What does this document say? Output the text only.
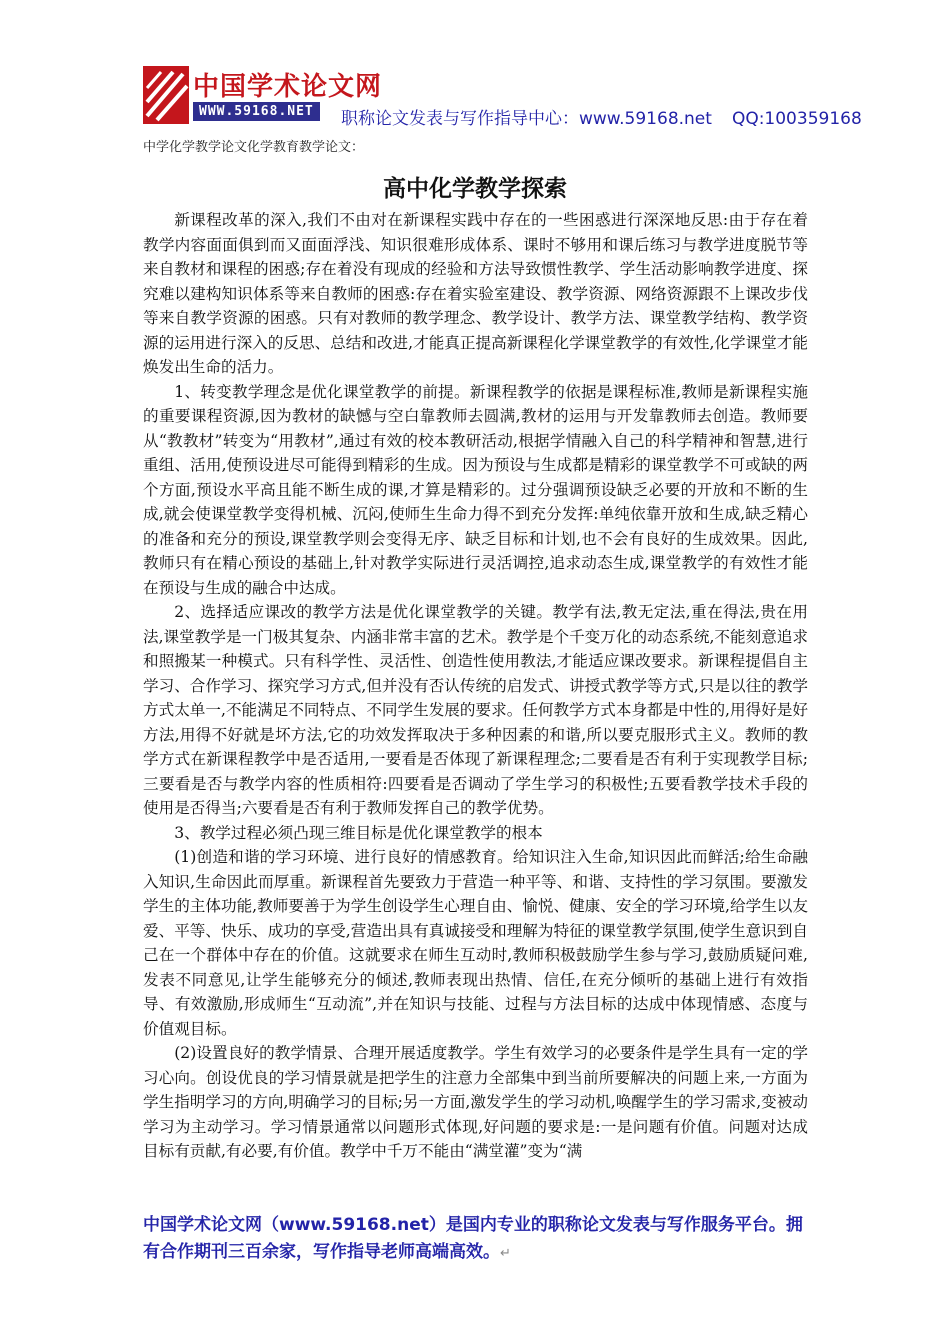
中国学术论文网
WWW.59168.NET	职称论文发表与写作指导中心：www.59168.net QQ:100359168
中学化学教学论文化学教育教学论文：
高中化学教学探索

新课程改革的深入,我们不由对在新课程实践中存在的一些困惑进行深深地反思:由于存在着教学内容面面俱到而又面面浮浅、知识很难形成体系、课时不够用和课后练习与教学进度脱节等来自教材和课程的困惑;存在着没有现成的经验和方法导致惯性教学、学生活动影响教学进度、探究难以建构知识体系等来自教师的困惑:存在着实验室建设、教学资源、网络资源跟不上课改步伐等来自教学资源的困惑。只有对教师的教学理念、教学设计、教学方法、课堂教学结构、教学资源的运用进行深入的反思、总结和改进,才能真正提高新课程化学课堂教学的有效性,化学课堂才能焕发出生命的活力。

1、转变教学理念是优化课堂教学的前提。新课程教学的依据是课程标准,教师是新课程实施的重要课程资源,因为教材的缺憾与空白靠教师去圆满,教材的运用与开发靠教师去创造。教师要从“教教材”转变为“用教材”,通过有效的校本教研活动,根据学情融入自己的科学精神和智慧,进行重组、活用,使预设进尽可能得到精彩的生成。因为预设与生成都是精彩的课堂教学不可或缺的两个方面,预设水平高且能不断生成的课,才算是精彩的。过分强调预设缺乏必要的开放和不断的生成,就会使课堂教学变得机械、沉闷,使师生生命力得不到充分发挥:单纯依靠开放和生成,缺乏精心的准备和充分的预设,课堂教学则会变得无序、缺乏目标和计划,也不会有良好的生成效果。因此,教师只有在精心预设的基础上,针对教学实际进行灵活调控,追求动态生成,课堂教学的有效性才能在预设与生成的融合中达成。

2、选择适应课改的教学方法是优化课堂教学的关键。教学有法,教无定法,重在得法,贵在用法,课堂教学是一门极其复杂、内涵非常丰富的艺术。教学是个千变万化的动态系统,不能刻意追求和照搬某一种模式。只有科学性、灵活性、创造性使用教法,才能适应课改要求。新课程提倡自主学习、合作学习、探究学习方式,但并没有否认传统的启发式、讲授式教学等方式,只是以往的教学方式太单一,不能满足不同特点、不同学生发展的要求。任何教学方式本身都是中性的,用得好是好方法,用得不好就是坏方法,它的功效发挥取决于多种因素的和谐,所以要克服形式主义。教师的教学方式在新课程教学中是否适用,一要看是否体现了新课程理念;二要看是否有利于实现教学目标;三要看是否与教学内容的性质相符:四要看是否调动了学生学习的积极性;五要看教学技术手段的使用是否得当;六要看是否有利于教师发挥自己的教学优势。

3、教学过程必须凸现三维目标是优化课堂教学的根本

(1)创造和谐的学习环境、进行良好的情感教育。给知识注入生命,知识因此而鲜活;给生命融入知识,生命因此而厚重。新课程首先要致力于营造一种平等、和谐、支持性的学习氛围。要激发学生的主体功能,教师要善于为学生创设学生心理自由、愉悦、健康、安全的学习环境,给学生以友爱、平等、快乐、成功的享受,营造出具有真诚接受和理解为特征的课堂教学氛围,使学生意识到自己在一个群体中存在的价值。这就要求在师生互动时,教师积极鼓励学生参与学习,鼓励质疑问难,发表不同意见,让学生能够充分的倾述,教师表现出热情、信任,在充分倾听的基础上进行有效指导、有效激励,形成师生“互动流”,并在知识与技能、过程与方法目标的达成中体现情感、态度与价值观目标。

(2)设置良好的教学情景、合理开展适度教学。学生有效学习的必要条件是学生具有一定的学习心向。创设优良的学习情景就是把学生的注意力全部集中到当前所要解决的问题上来,一方面为学生指明学习的方向,明确学习的目标;另一方面,激发学生的学习动机,唤醒学生的学习需求,变被动学习为主动学习。学习情景通常以问题形式体现,好问题的要求是:一是问题有价值。问题对达成目标有贡献,有必要,有价值。教学中千万不能由“满堂灌”变为“满

中国学术论文网（www.59168.net）是国内专业的职称论文发表与写作服务平台。拥有合作期刊三百余家，写作指导老师高端高效。↵
